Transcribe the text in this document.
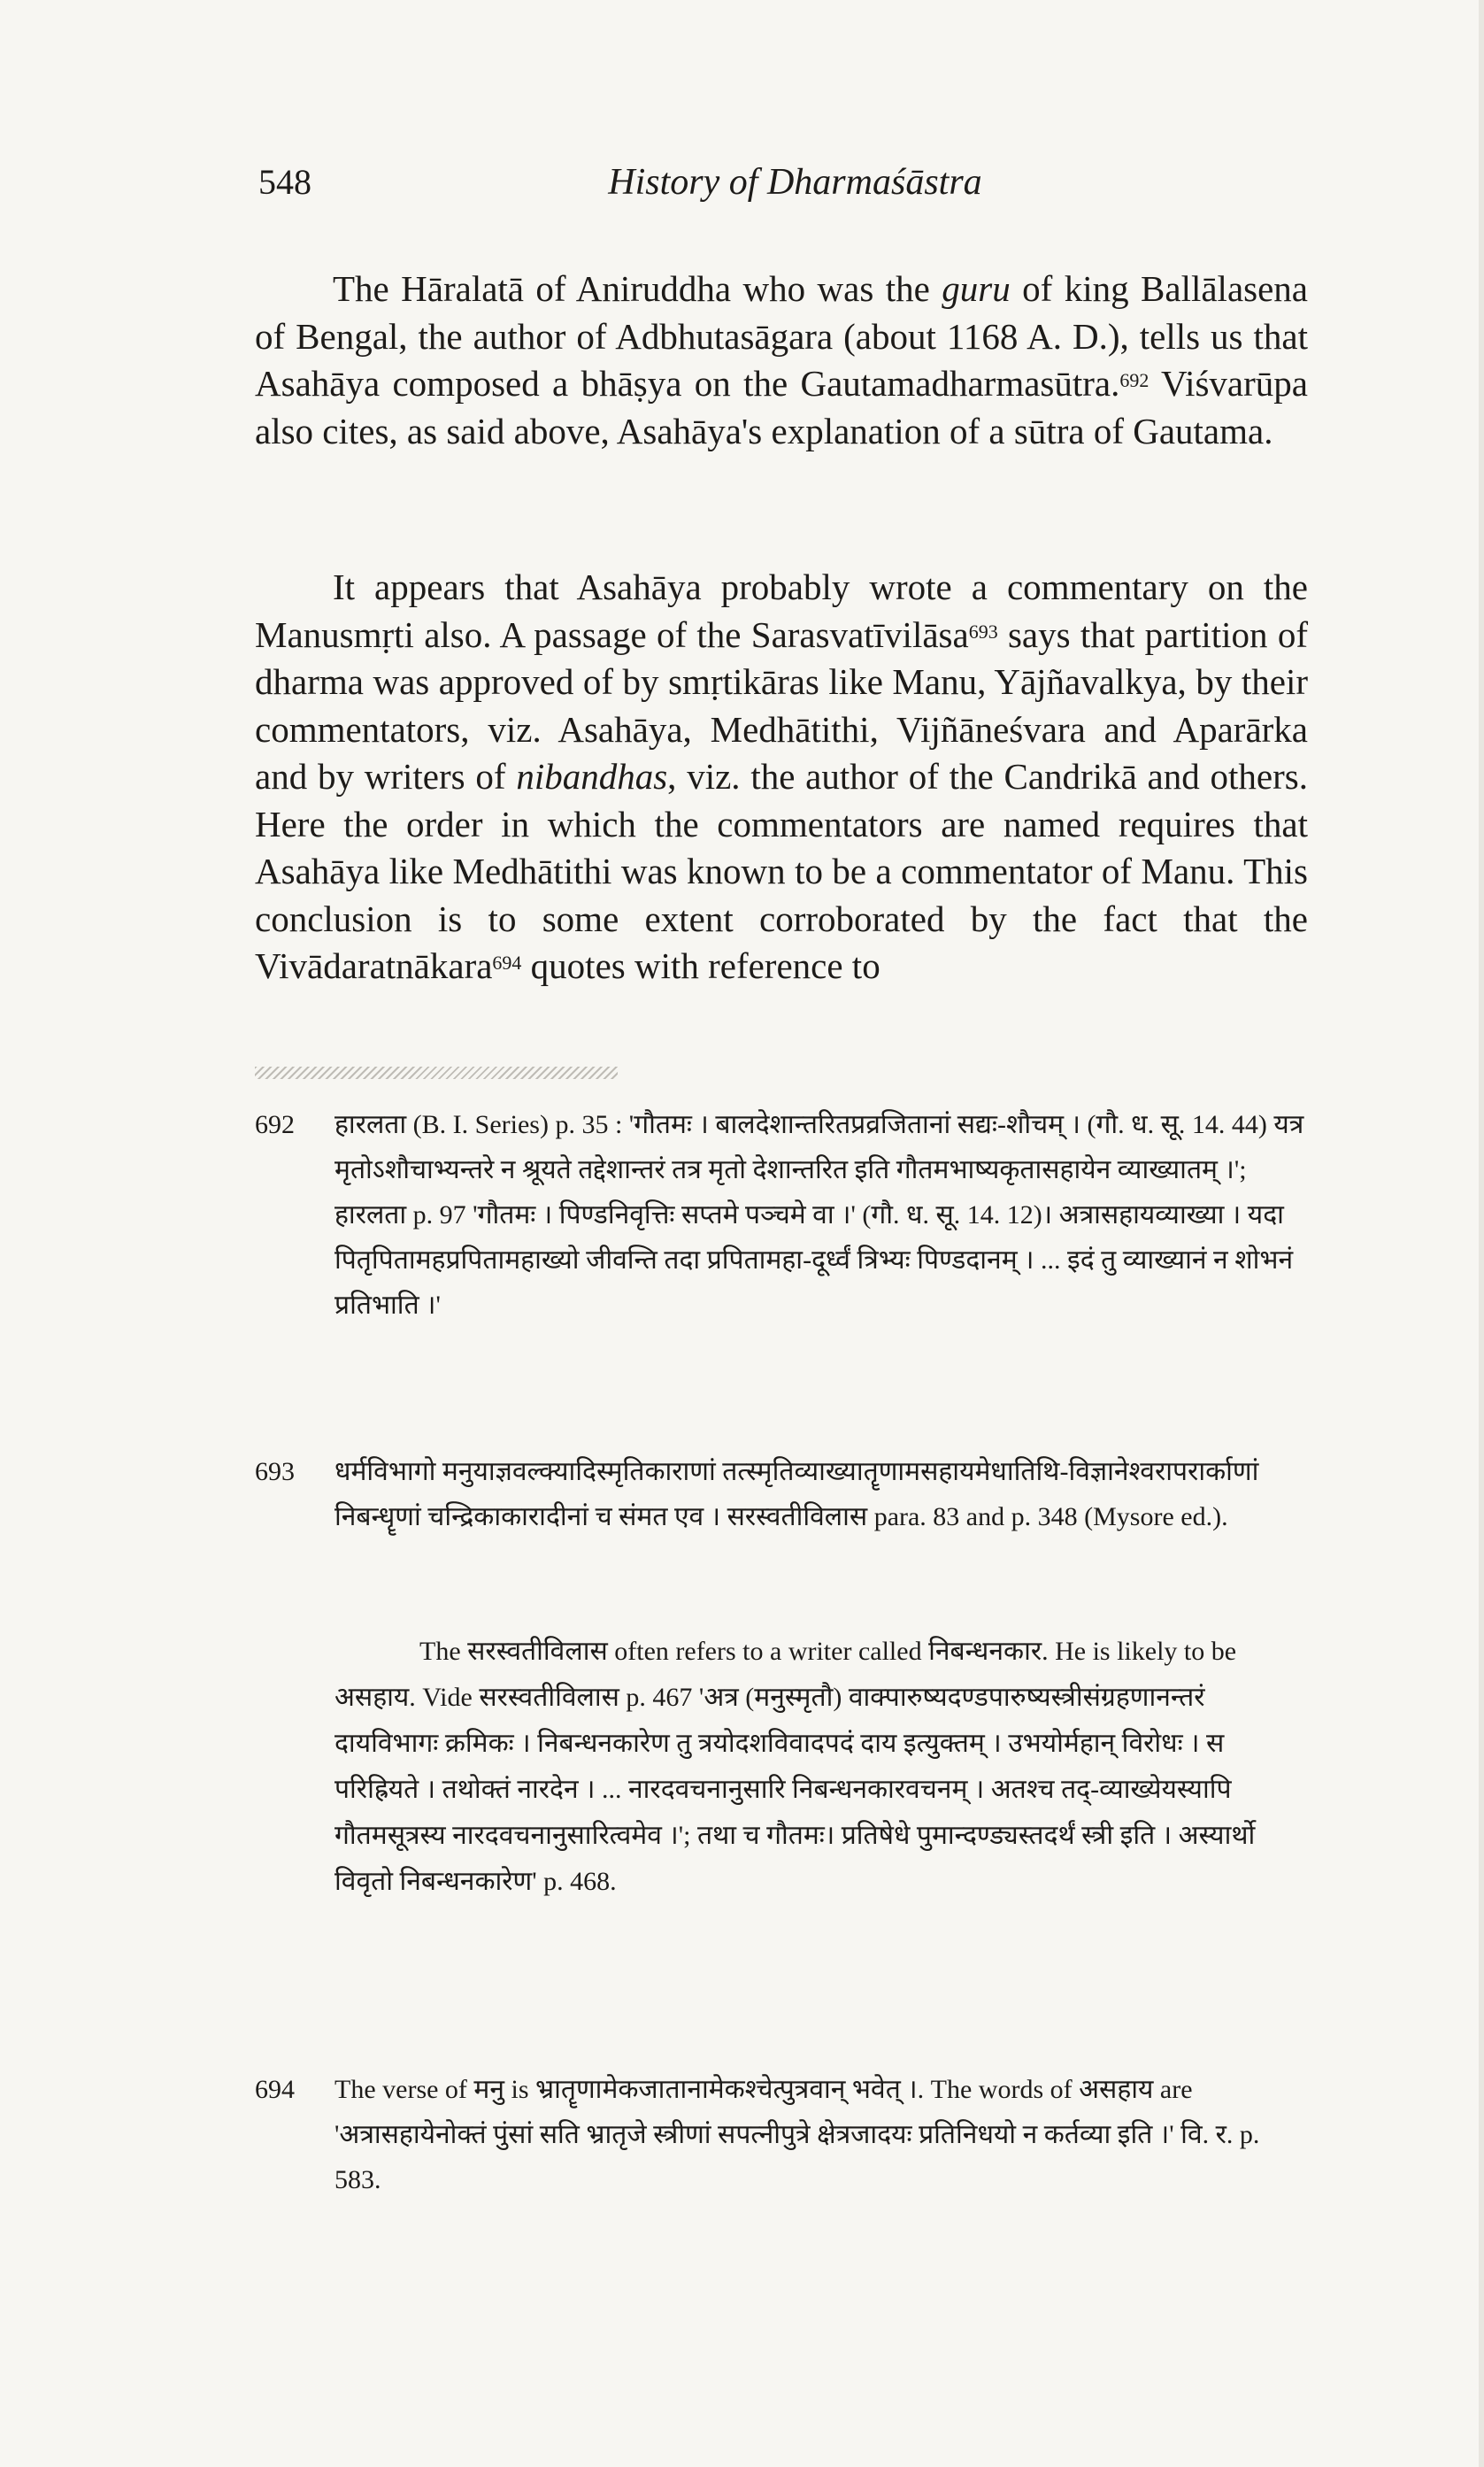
548	History of Dharmaśāstra

The Hāralatā of Aniruddha who was the guru of king Ballālasena of Bengal, the author of Adbhutasāgara (about 1168 A. D.), tells us that Asahāya composed a bhāṣya on the Gautamadharmasūtra.$^{692}$ Viśvarūpa also cites, as said above, Asahāya's explanation of a sūtra of Gautama.

It appears that Asahāya probably wrote a commentary on the Manusmṛti also. A passage of the Sarasvatīvilāsa$^{693}$ says that partition of dharma was approved of by smṛtikāras like Manu, Yājñavalkya, by their commentators, viz. Asahāya, Medhātithi, Vijñāneśvara and Aparārka and by writers of nibandhas, viz. the author of the Candrikā and others. Here the order in which the commentators are named requires that Asahāya like Medhātithi was known to be a commentator of Manu. This conclusion is to some extent corroborated by the fact that the Vivādaratnākara$^{694}$ quotes with reference to

692	हारलता (B. I. Series) p. 35 : 'गौतमः । बालदेशान्तरितप्रव्रजितानां सद्यः-शौचम् । (गौ. ध. सू. 14. 44) यत्र मृतोऽशौचाभ्यन्तरे न श्रूयते तद्देशान्तरं तत्र मृतो देशान्तरित इति गौतमभाष्यकृतासहायेन व्याख्यातम् ।'; हारलता p. 97 'गौतमः । पिण्डनिवृत्तिः सप्तमे पञ्चमे वा ।' (गौ. ध. सू. 14. 12)। अत्रासहायव्याख्या । यदा पितृपितामहप्रपितामहाख्यो जीवन्ति तदा प्रपितामहा-दूर्ध्वं त्रिभ्यः पिण्डदानम् । ... इदं तु व्याख्यानं न शोभनं प्रतिभाति ।'
693	धर्मविभागो मनुयाज्ञवल्क्यादिस्मृतिकाराणां तत्स्मृतिव्याख्यातॄणामसहायमेधातिथि-विज्ञानेश्वरापरार्काणां निबन्धॄणां चन्द्रिकाकारादीनां च संमत एव । सरस्वतीविलास para. 83 and p. 348 (Mysore ed.).

The सरस्वतीविलास often refers to a writer called निबन्धनकार. He is likely to be असहाय. Vide सरस्वतीविलास p. 467 'अत्र (मनुस्मृतौ) वाक्पारुष्यदण्डपारुष्यस्त्रीसंग्रहणानन्तरं दायविभागः क्रमिकः । निबन्धनकारेण तु त्रयोदशविवादपदं दाय इत्युक्तम् । उभयोर्महान् विरोधः । स परिह्रियते । तथोक्तं नारदेन । ... नारदवचनानुसारि निबन्धनकारवचनम् । अतश्च तद्-व्याख्येयस्यापि गौतमसूत्रस्य नारदवचनानुसारित्वमेव ।'; तथा च गौतमः। प्रतिषेधे पुमान्दण्ड्यस्तदर्थं स्त्री इति । अस्यार्थो विवृतो निबन्धनकारेण' p. 468.

694	The verse of मनु is भ्रातॄणामेकजातानामेकश्चेत्पुत्रवान् भवेत् ।. The words of असहाय are 'अत्रासहायेनोक्तं पुंसां सति भ्रातृजे स्त्रीणां सपत्नीपुत्रे क्षेत्रजादयः प्रतिनिधयो न कर्तव्या इति ।' वि. र. p. 583.
